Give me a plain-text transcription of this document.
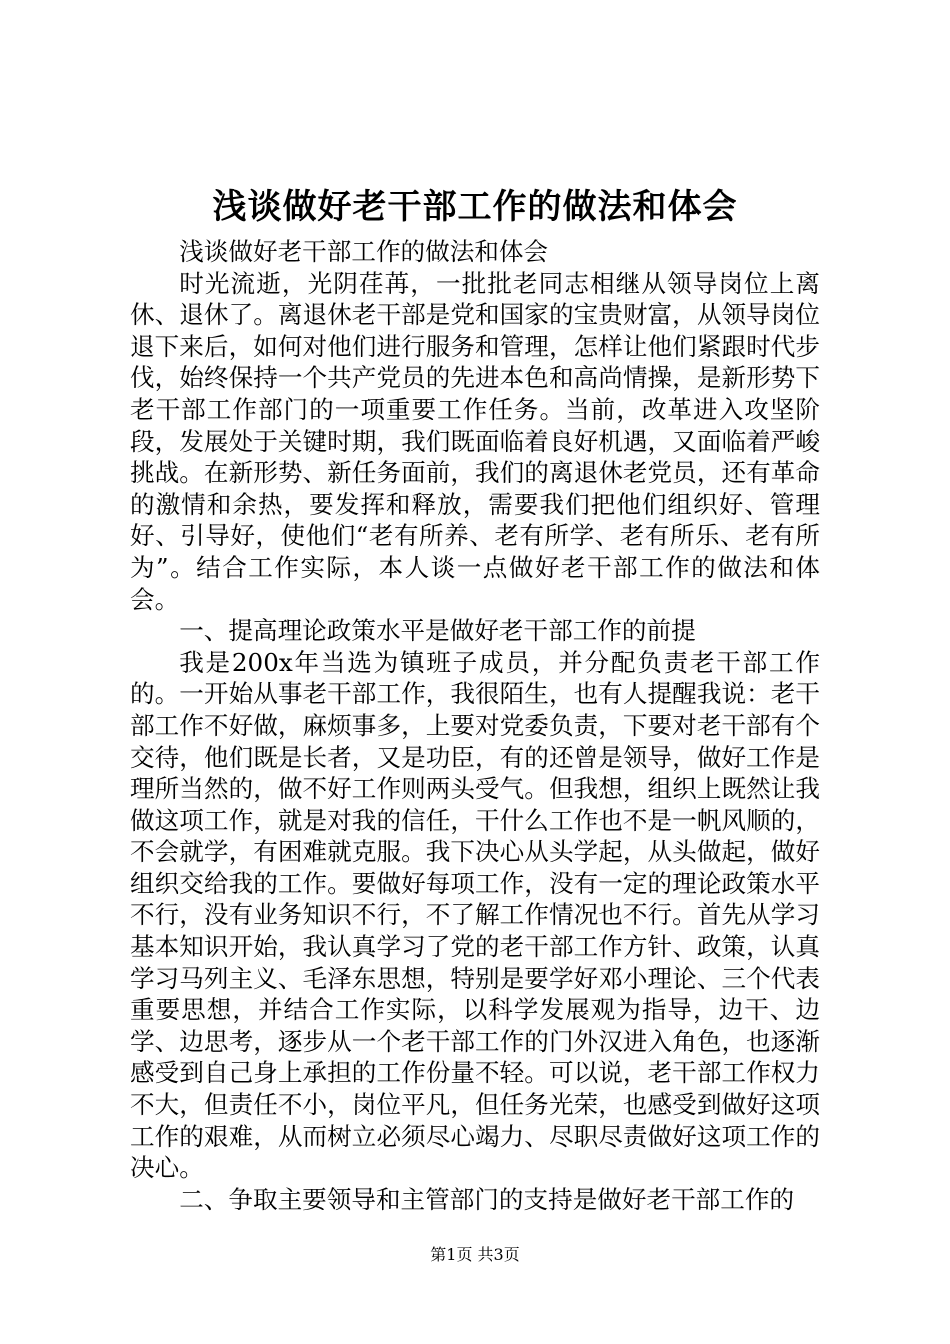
浅谈做好老干部工作的做法和体会

浅谈做好老干部工作的做法和体会

时光流逝，光阴荏苒，一批批老同志相继从领导岗位上离休、退休了。离退休老干部是党和国家的宝贵财富，从领导岗位退下来后，如何对他们进行服务和管理，怎样让他们紧跟时代步伐，始终保持一个共产党员的先进本色和高尚情操，是新形势下老干部工作部门的一项重要工作任务。当前，改革进入攻坚阶段，发展处于关键时期，我们既面临着良好机遇，又面临着严峻挑战。在新形势、新任务面前，我们的离退休老党员，还有革命的激情和余热，要发挥和释放，需要我们把他们组织好、管理好、引导好，使他们“老有所养、老有所学、老有所乐、老有所为”。结合工作实际，本人谈一点做好老干部工作的做法和体会。

一、提高理论政策水平是做好老干部工作的前提

我是200x年当选为镇班子成员，并分配负责老干部工作的。一开始从事老干部工作，我很陌生，也有人提醒我说：老干部工作不好做，麻烦事多，上要对党委负责，下要对老干部有个交待，他们既是长者，又是功臣，有的还曾是领导，做好工作是理所当然的，做不好工作则两头受气。但我想，组织上既然让我做这项工作，就是对我的信任，干什么工作也不是一帆风顺的，不会就学，有困难就克服。我下决心从头学起，从头做起，做好组织交给我的工作。要做好每项工作，没有一定的理论政策水平不行，没有业务知识不行，不了解工作情况也不行。首先从学习基本知识开始，我认真学习了党的老干部工作方针、政策，认真学习马列主义、毛泽东思想，特别是要学好邓小理论、三个代表重要思想，并结合工作实际，以科学发展观为指导，边干、边学、边思考，逐步从一个老干部工作的门外汉进入角色，也逐渐感受到自己身上承担的工作份量不轻。可以说，老干部工作权力不大，但责任不小，岗位平凡，但任务光荣，也感受到做好这项工作的艰难，从而树立必须尽心竭力、尽职尽责做好这项工作的决心。

二、争取主要领导和主管部门的支持是做好老干部工作的

第1页 共3页
